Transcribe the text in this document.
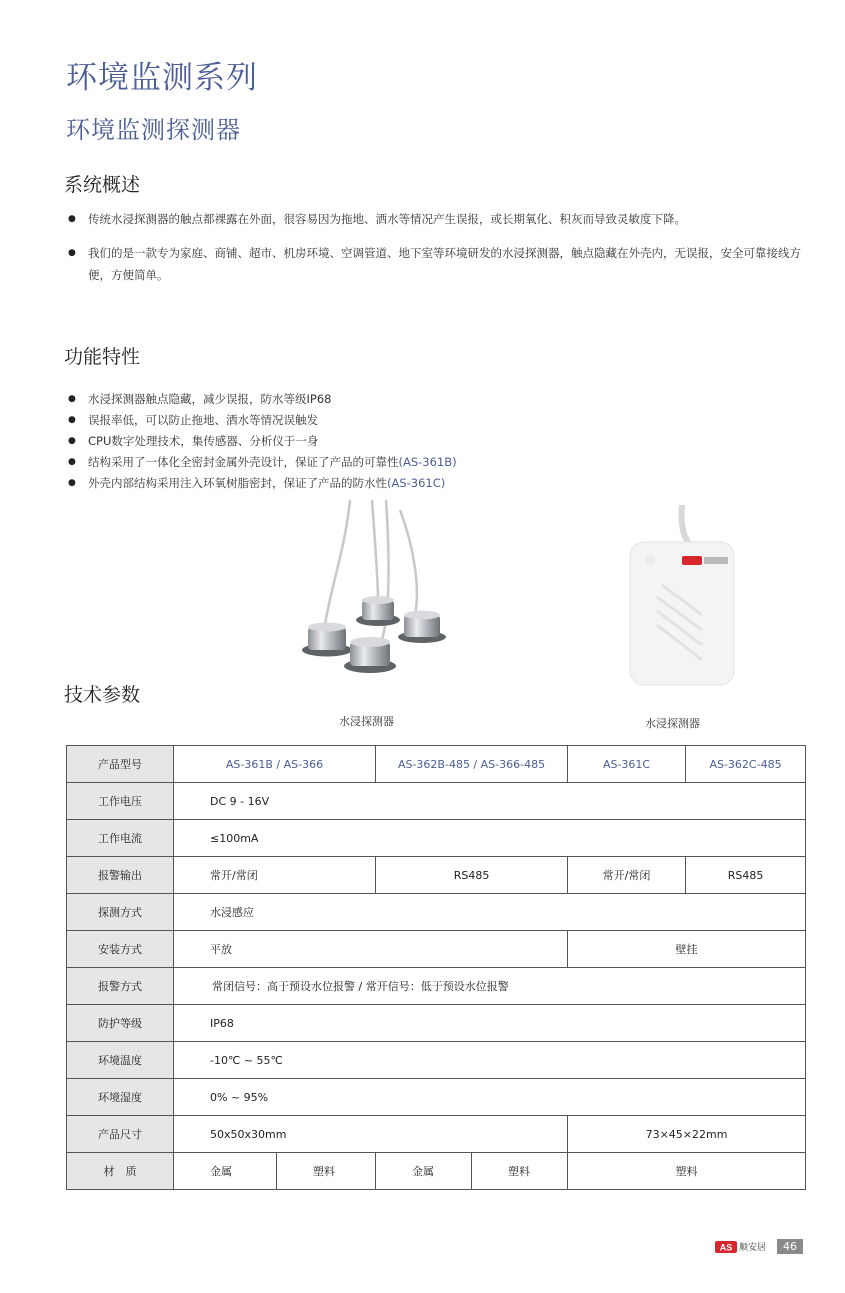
环境监测系列
环境监测探测器
系统概述
● 传统水浸探测器的触点都裸露在外面，很容易因为拖地、洒水等情况产生误报，或长期氧化、积灰而导致灵敏度下降。
● 我们的是一款专为家庭、商铺、超市、机房环境、空调管道、地下室等环境研发的水浸探测器，触点隐藏在外壳内，无误报，安全可靠接线方便，方便简单。
功能特性
● 水浸探测器触点隐藏，减少误报，防水等级IP68
● 误报率低，可以防止拖地、洒水等情况误触发
● CPU数字处理技术，集传感器、分析仪于一身
● 结构采用了一体化全密封金属外壳设计，保证了产品的可靠性(AS-361B)
● 外壳内部结构采用注入环氧树脂密封，保证了产品的防水性(AS-361C)
技术参数
水浸探测器	水浸探测器
产品型号	AS-361B / AS-366		AS-362B-485 / AS-366-485		AS-361C	AS-362C-485
工作电压	DC 9 - 16V					
工作电流	≤100mA					
报警输出	常开/常闭		RS485		常开/常闭	RS485
探测方式	水浸感应					
安装方式	平放				壁挂	
报警方式	常闭信号：高于预设水位报警 / 常开信号：低于预设水位报警					
防护等级	IP68					
环境温度	-10℃ ~ 55℃					
环境湿度	0% ~ 95%					
产品尺寸	50x50x30mm				73×45×22mm	
材　质	金属	塑料	金属	塑料	塑料	
AS 顺安居	46
